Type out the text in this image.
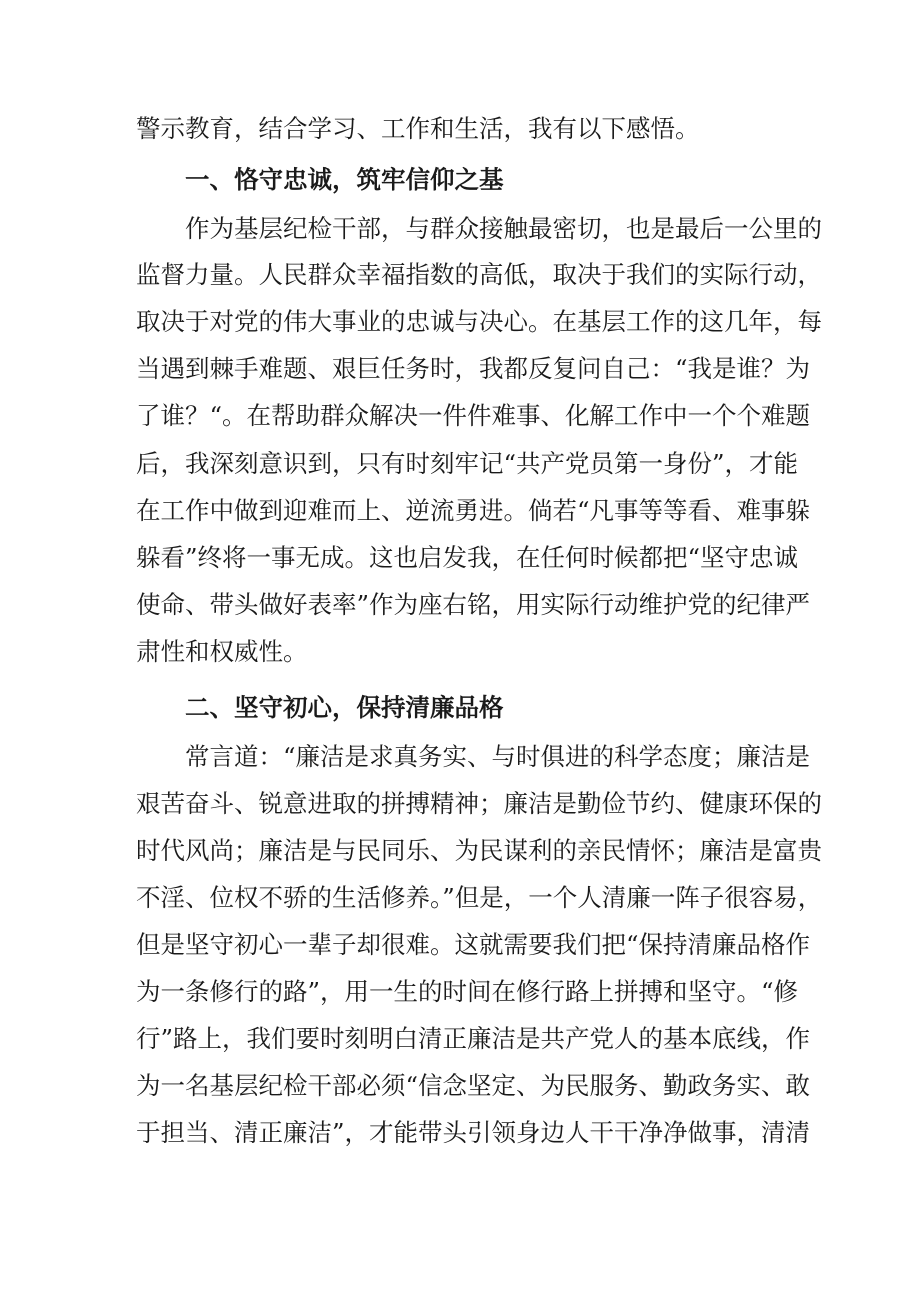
警示教育，结合学习、工作和生活，我有以下感悟。
一、恪守忠诚，筑牢信仰之基
作为基层纪检干部，与群众接触最密切，也是最后一公里的
监督力量。人民群众幸福指数的高低，取决于我们的实际行动，
取决于对党的伟大事业的忠诚与决心。在基层工作的这几年，每
当遇到棘手难题、艰巨任务时，我都反复问自己：“我是谁？为
了谁？“。在帮助群众解决一件件难事、化解工作中一个个难题
后，我深刻意识到，只有时刻牢记“共产党员第一身份”，才能
在工作中做到迎难而上、逆流勇进。倘若“凡事等等看、难事躲
躲看”终将一事无成。这也启发我，在任何时候都把“坚守忠诚
使命、带头做好表率”作为座右铭，用实际行动维护党的纪律严
肃性和权威性。
二、坚守初心，保持清廉品格
常言道：“廉洁是求真务实、与时俱进的科学态度；廉洁是
艰苦奋斗、锐意进取的拼搏精神；廉洁是勤俭节约、健康环保的
时代风尚；廉洁是与民同乐、为民谋利的亲民情怀；廉洁是富贵
不淫、位权不骄的生活修养。”但是，一个人清廉一阵子很容易，
但是坚守初心一辈子却很难。这就需要我们把“保持清廉品格作
为一条修行的路”，用一生的时间在修行路上拼搏和坚守。“修
行”路上，我们要时刻明白清正廉洁是共产党人的基本底线，作
为一名基层纪检干部必须“信念坚定、为民服务、勤政务实、敢
于担当、清正廉洁”，才能带头引领身边人干干净净做事，清清
